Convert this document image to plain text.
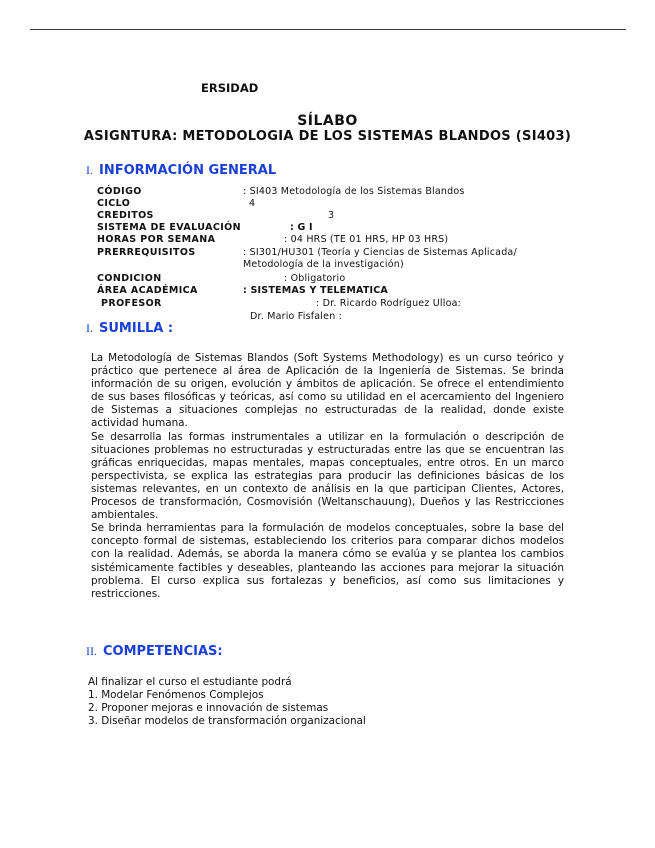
ERSIDAD
SÍLABO
ASIGNTURA: METODOLOGIA DE LOS SISTEMAS BLANDOS (SI403)
I. INFORMACIÓN GENERAL
CÓDIGO	: SI403 Metodología de los Sistemas Blandos
CICLO	4
CREDITOS	3
SISTEMA DE EVALUACIÓN	: G I
HORAS POR SEMANA	: 04 HRS (TE 01 HRS, HP 03 HRS)
PRERREQUISITOS	: SI301/HU301 (Teoría y Ciencias de Sistemas Aplicada/
Metodología de la investigación)
CONDICION	: Obligatorio
ÁREA ACADÉMICA	: SISTEMAS Y TELEMATICA
PROFESOR	: Dr. Ricardo Rodríguez Ulloa:
Dr. Mario Fisfalen :
I. SUMILLA :

La Metodología de Sistemas Blandos (Soft Systems Methodology) es un curso teórico y práctico que pertenece al área de Aplicación de la Ingeniería de Sistemas. Se brinda información de su origen, evolución y ámbitos de aplicación. Se ofrece el entendimiento de sus bases filosóficas y teóricas, así como su utilidad en el acercamiento del Ingeniero de Sistemas a situaciones complejas no estructuradas de la realidad, donde existe actividad humana.

Se desarrolla las formas instrumentales a utilizar en la formulación o descripción de situaciones problemas no estructuradas y estructuradas entre las que se encuentran las gráficas enriquecidas, mapas mentales, mapas conceptuales, entre otros. En un marco perspectivista, se explica las estrategias para producir las definiciones básicas de los sistemas relevantes, en un contexto de análisis en la que participan Clientes, Actores, Procesos de transformación, Cosmovisión (Weltanschauung), Dueños y las Restricciones ambientales.

Se brinda herramientas para la formulación de modelos conceptuales, sobre la base del concepto formal de sistemas, estableciendo los criterios para comparar dichos modelos con la realidad. Además, se aborda la manera cómo se evalúa y se plantea los cambios sistémicamente factibles y deseables, planteando las acciones para mejorar la situación problema. El curso explica sus fortalezas y beneficios, así como sus limitaciones y restricciones.

II. COMPETENCIAS:
Al finalizar el curso el estudiante podrá
1. Modelar Fenómenos Complejos
2. Proponer mejoras e innovación de sistemas
3. Diseñar modelos de transformación organizacional
